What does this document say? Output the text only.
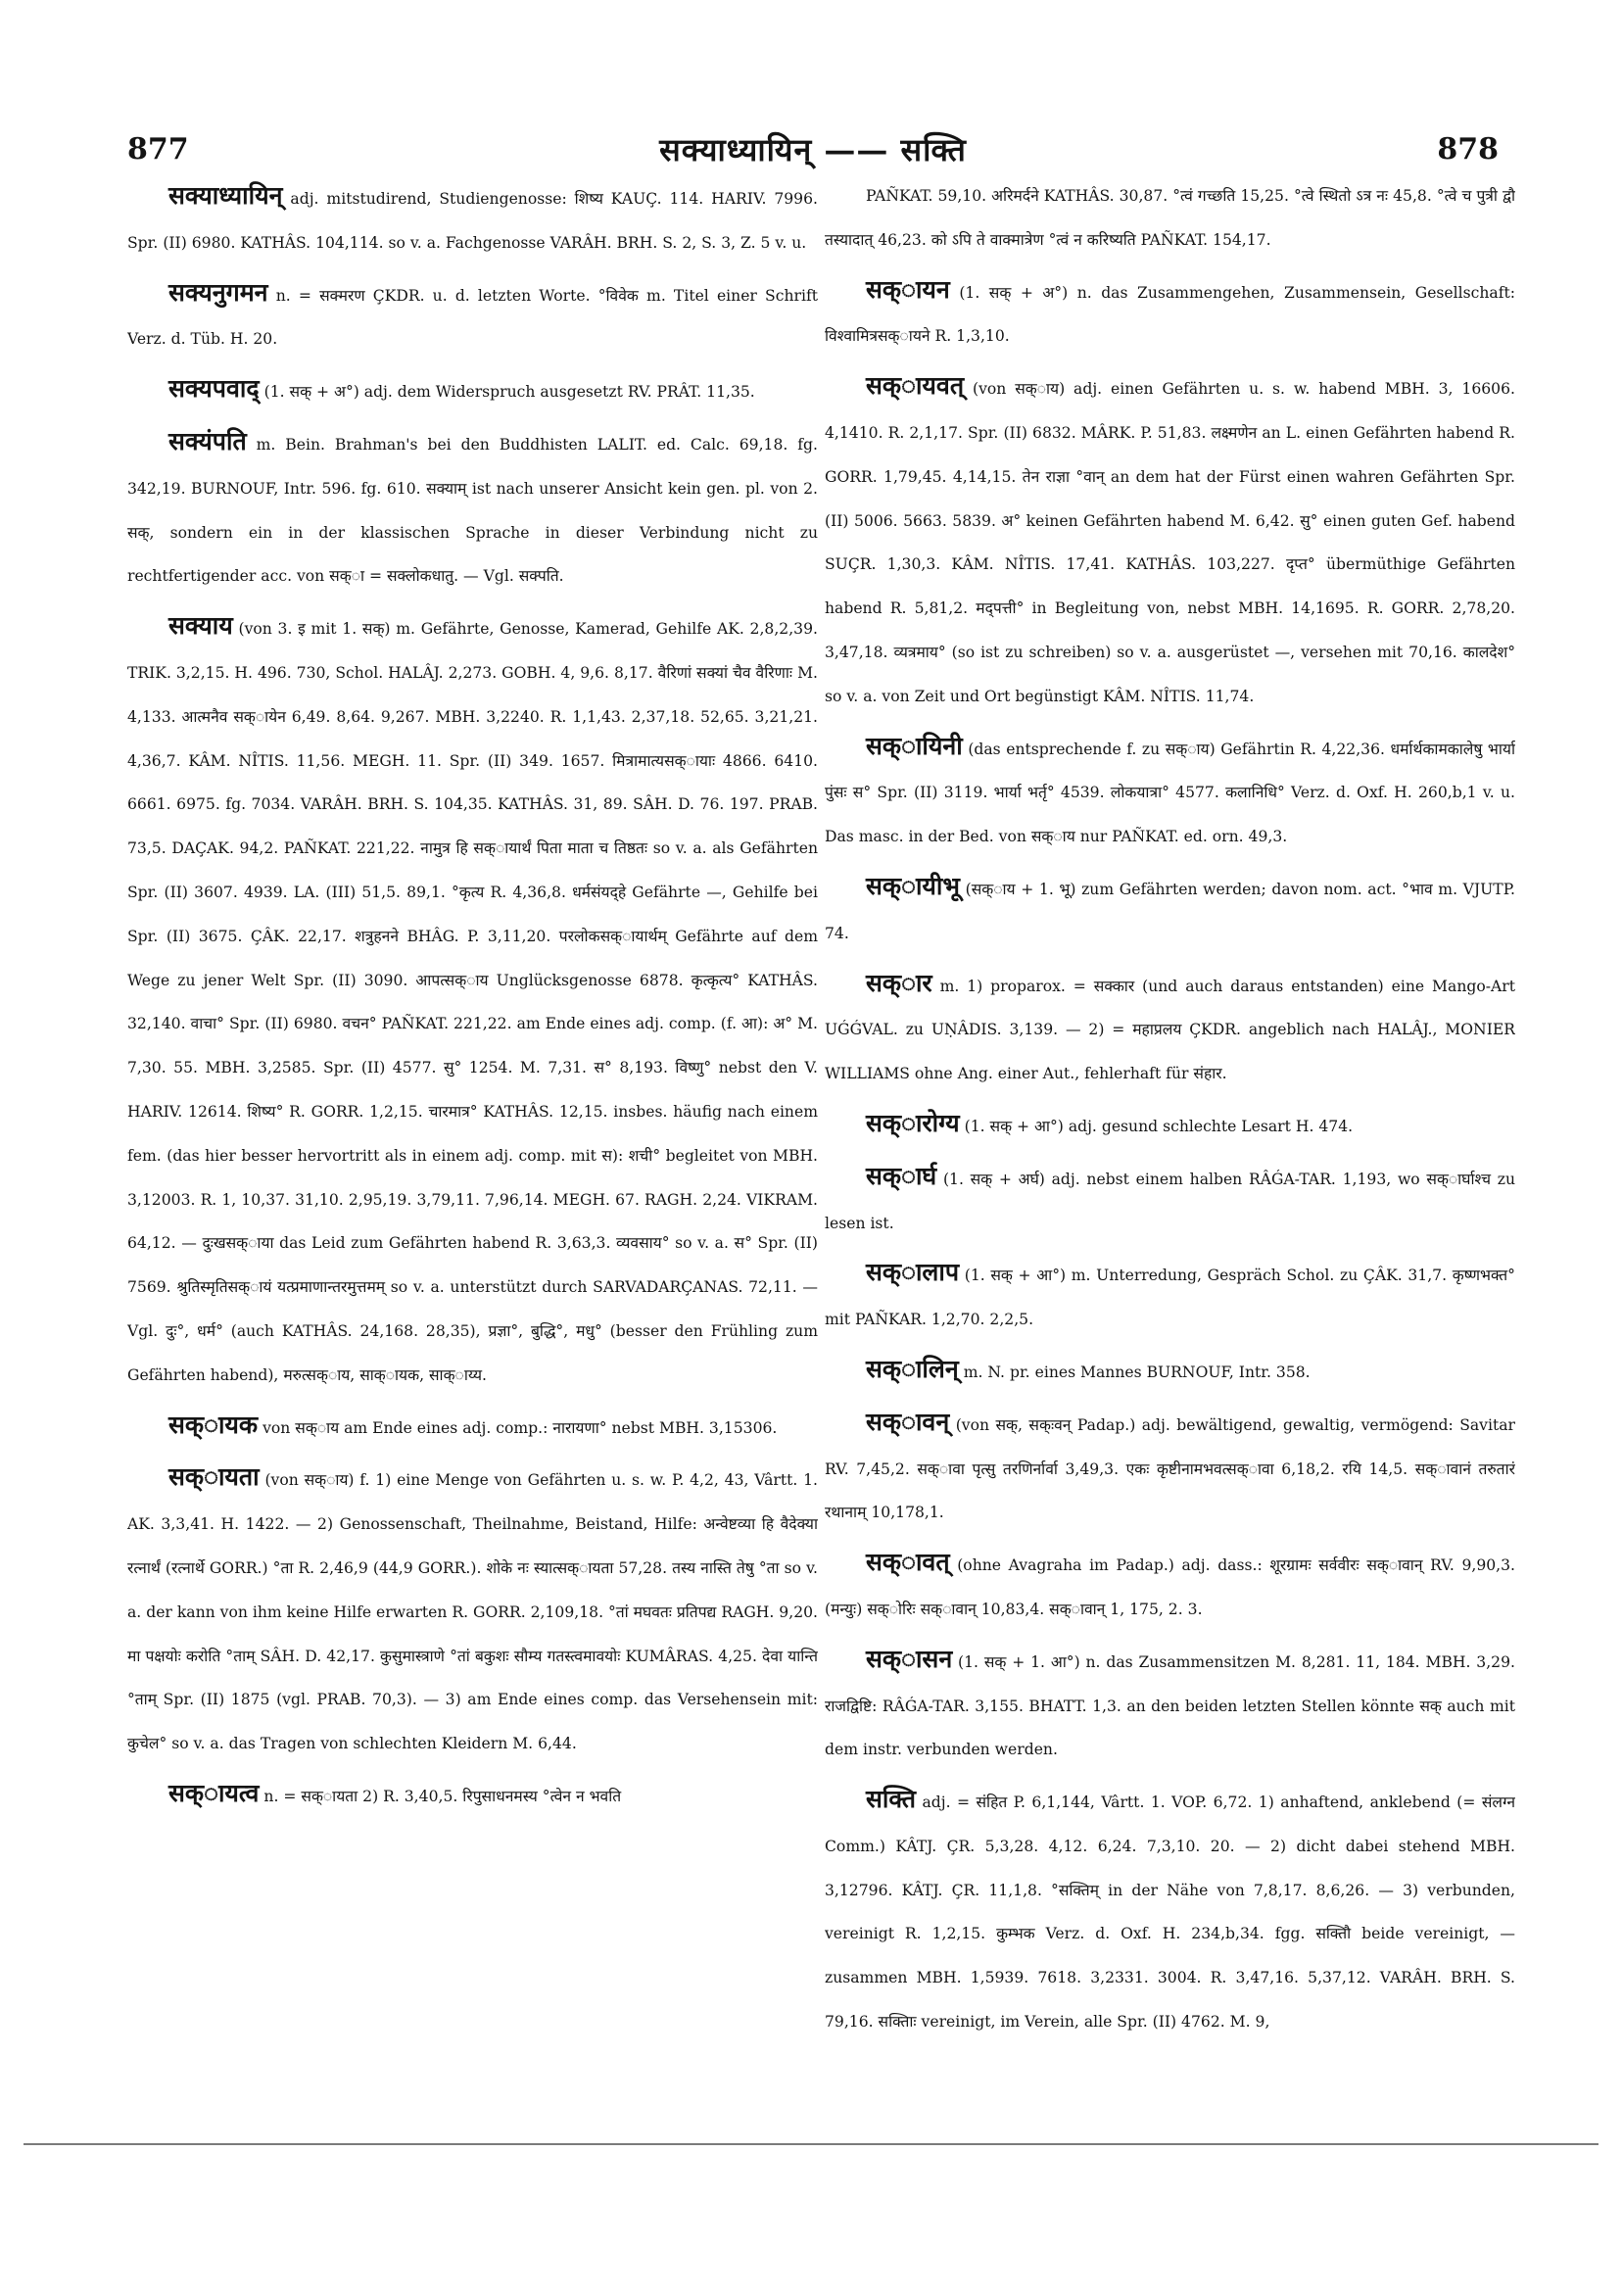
877	सक्याध्यायिन् —— सक्ति	878

सक्याध्यायिन् adj. mitstudirend, Studiengenosse: शिष्य KAUÇ. 114. HARIV. 7996. Spr. (II) 6980. KATHÂS. 104,114. so v. a. Fachgenosse VARÂH. BRH. S. 2, S. 3, Z. 5 v. u.

सक्यनुगमन n. = सक्मरण ÇKDR. u. d. letzten Worte. °विवेक m. Titel einer Schrift Verz. d. Tüb. H. 20.

सक्यपवाद् (1. सक् + अ°) adj. dem Widerspruch ausgesetzt RV. PRÂT. 11,35.

सक्यंपति m. Bein. Brahman's bei den Buddhisten LALIT. ed. Calc. 69,18. fg. 342,19. BURNOUF, Intr. 596. fg. 610. सक्याम् ist nach unserer Ansicht kein gen. pl. von 2. सक्, sondern ein in der klassischen Sprache in dieser Verbindung nicht zu rechtfertigender acc. von सक्ा = सक्लोकधातु. — Vgl. सक्पति.

सक्याय (von 3. इ mit 1. सक्) m. Gefährte, Genosse, Kamerad, Gehilfe AK. 2,8,2,39. TRIK. 3,2,15. H. 496. 730, Schol. HALÂJ. 2,273. GOBH. 4, 9,6. 8,17. वैरिणां सक्यां चैव वैरिणाः M. 4,133. आत्मनैव सक्ायेन 6,49. 8,64. 9,267. MBH. 3,2240. R. 1,1,43. 2,37,18. 52,65. 3,21,21. 4,36,7. KÂM. NÎTIS. 11,56. MEGH. 11. Spr. (II) 349. 1657. मित्रामात्यसक्ायाः 4866. 6410. 6661. 6975. fg. 7034. VARÂH. BRH. S. 104,35. KATHÂS. 31, 89. SÂH. D. 76. 197. PRAB. 73,5. DAÇAK. 94,2. PAÑKAT. 221,22. नामुत्र हि सक्ायार्थं पिता माता च तिष्ठतः so v. a. als Gefährten Spr. (II) 3607. 4939. LA. (III) 51,5. 89,1. °कृत्य R. 4,36,8. धर्मसंयद्हे Gefährte —, Gehilfe bei Spr. (II) 3675. ÇÂK. 22,17. शत्रुहनने BHÂG. P. 3,11,20. परलोकसक्ायार्थम् Gefährte auf dem Wege zu jener Welt Spr. (II) 3090. आपत्सक्ाय Unglücksgenosse 6878. कृत्कृत्य° KATHÂS. 32,140. वाचा° Spr. (II) 6980. वचन° PAÑKAT. 221,22. am Ende eines adj. comp. (f. आ): अ° M. 7,30. 55. MBH. 3,2585. Spr. (II) 4577. सु° 1254. M. 7,31. स° 8,193. विष्णु° nebst den V. HARIV. 12614. शिष्य° R. GORR. 1,2,15. चारमात्र° KATHÂS. 12,15. insbes. häufig nach einem fem. (das hier besser hervortritt als in einem adj. comp. mit स): शची° begleitet von MBH. 3,12003. R. 1, 10,37. 31,10. 2,95,19. 3,79,11. 7,96,14. MEGH. 67. RAGH. 2,24. VIKRAM. 64,12. — दुःखसक्ाया das Leid zum Gefährten habend R. 3,63,3. व्यवसाय° so v. a. स° Spr. (II) 7569. श्रुतिस्मृतिसक्ायं यत्प्रमाणान्तरमुत्तमम् so v. a. unterstützt durch SARVADARÇANAS. 72,11. — Vgl. दुः°, धर्म° (auch KATHÂS. 24,168. 28,35), प्रज्ञा°, बुद्धि°, मधु° (besser den Frühling zum Gefährten habend), मरुत्सक्ाय, साक्ायक, साक्ाय्य.

सक्ायक von सक्ाय am Ende eines adj. comp.: नारायणा° nebst MBH. 3,15306.

सक्ायता (von सक्ाय) f. 1) eine Menge von Gefährten u. s. w. P. 4,2, 43, Vârtt. 1. AK. 3,3,41. H. 1422. — 2) Genossenschaft, Theilnahme, Beistand, Hilfe: अन्वेष्टव्या हि वैदेक्या रत्नार्थं (रत्नार्थे GORR.) °ता R. 2,46,9 (44,9 GORR.). शोके नः स्यात्सक्ायता 57,28. तस्य नास्ति तेषु °ता so v. a. der kann von ihm keine Hilfe erwarten R. GORR. 2,109,18. °तां मघवतः प्रतिपद्य RAGH. 9,20. मा पक्षयोः करोति °ताम् SÂH. D. 42,17. कुसुमास्त्राणे °तां बकुशः सौम्य गतस्त्वमावयोः KUMÂRAS. 4,25. देवा यान्ति °ताम् Spr. (II) 1875 (vgl. PRAB. 70,3). — 3) am Ende eines comp. das Versehensein mit: कुचेल° so v. a. das Tragen von schlechten Kleidern M. 6,44.

सक्ायत्व n. = सक्ायता 2) R. 3,40,5. रिपुसाधनमस्य °त्वेन न भवति

PAÑKAT. 59,10. अरिमर्दने KATHÂS. 30,87. °त्वं गच्छति 15,25. °त्वे स्थितो ऽत्र नः 45,8. °त्वे च पुत्री द्वौ तस्यादात् 46,23. को ऽपि ते वाक्मात्रेण °त्वं न करिष्यति PAÑKAT. 154,17.

सक्ायन (1. सक् + अ°) n. das Zusammengehen, Zusammensein, Gesellschaft: विश्वामित्रसक्ायने R. 1,3,10.

सक्ायवत् (von सक्ाय) adj. einen Gefährten u. s. w. habend MBH. 3, 16606. 4,1410. R. 2,1,17. Spr. (II) 6832. MÂRK. P. 51,83. लक्ष्मणेन an L. einen Gefährten habend R. GORR. 1,79,45. 4,14,15. तेन राज्ञा °वान् an dem hat der Fürst einen wahren Gefährten Spr. (II) 5006. 5663. 5839. अ° keinen Gefährten habend M. 6,42. सु° einen guten Gef. habend SUÇR. 1,30,3. KÂM. NÎTIS. 17,41. KATHÂS. 103,227. दृप्त° übermüthige Gefährten habend R. 5,81,2. मद्पत्ती° in Begleitung von, nebst MBH. 14,1695. R. GORR. 2,78,20. 3,47,18. व्यत्रमाय° (so ist zu schreiben) so v. a. ausgerüstet —, versehen mit 70,16. कालदेश° so v. a. von Zeit und Ort begünstigt KÂM. NÎTIS. 11,74.

सक्ायिनी (das entsprechende f. zu सक्ाय) Gefährtin R. 4,22,36. धर्मार्थकामकालेषु भार्या पुंसः स° Spr. (II) 3119. भार्या भर्तृ° 4539. लोकयात्रा° 4577. कलानिधि° Verz. d. Oxf. H. 260,b,1 v. u. Das masc. in der Bed. von सक्ाय nur PAÑKAT. ed. orn. 49,3.

सक्ायीभू (सक्ाय + 1. भू) zum Gefährten werden; davon nom. act. °भाव m. VJUTP. 74.

सक्ार m. 1) proparox. = सक्कार (und auch daraus entstanden) eine Mango-Art UǴǴVAL. zu UṆÂDIS. 3,139. — 2) = महाप्रलय ÇKDR. angeblich nach HALÂJ., MONIER WILLIAMS ohne Ang. einer Aut., fehlerhaft für संहार.

सक्ारोग्य (1. सक् + आ°) adj. gesund schlechte Lesart H. 474.

सक्ार्घ (1. सक् + अर्घ) adj. nebst einem halben RÂǴA-TAR. 1,193, wo सक्ार्घाश्च zu lesen ist.

सक्ालाप (1. सक् + आ°) m. Unterredung, Gespräch Schol. zu ÇÂK. 31,7. कृष्णभक्त° mit PAÑKAR. 1,2,70. 2,2,5.

सक्ालिन् m. N. pr. eines Mannes BURNOUF, Intr. 358.

सक्ावन् (von सक्, सक्ःवन् Padap.) adj. bewältigend, gewaltig, vermögend: Savitar RV. 7,45,2. सक्ावा पृत्सु तरणिर्नार्वा 3,49,3. एकः कृष्टीनामभवत्सक्ावा 6,18,2. रयि 14,5. सक्ावानं तरुतारं रथानाम् 10,178,1.

सक्ावत् (ohne Avagraha im Padap.) adj. dass.: शूरग्रामः सर्ववीरः सक्ावान् RV. 9,90,3. (मन्युः) सक्ोरिः सक्ावान् 10,83,4. सक्ावान् 1, 175, 2. 3.

सक्ासन (1. सक् + 1. आ°) n. das Zusammensitzen M. 8,281. 11, 184. MBH. 3,29. राजद्विष्टि: RÂǴA-TAR. 3,155. BHATT. 1,3. an den beiden letzten Stellen könnte सक् auch mit dem instr. verbunden werden.

सक्ति adj. = संहित P. 6,1,144, Vârtt. 1. VOP. 6,72. 1) anhaftend, anklebend (= संलग्न Comm.) KÂTJ. ÇR. 5,3,28. 4,12. 6,24. 7,3,10. 20. — 2) dicht dabei stehend MBH. 3,12796. KÂTJ. ÇR. 11,1,8. °सक्तिम् in der Nähe von 7,8,17. 8,6,26. — 3) verbunden, vereinigt R. 1,2,15. कुम्भक Verz. d. Oxf. H. 234,b,34. fgg. सक्तिौ beide vereinigt, — zusammen MBH. 1,5939. 7618. 3,2331. 3004. R. 3,47,16. 5,37,12. VARÂH. BRH. S. 79,16. सक्तिाः vereinigt, im Verein, alle Spr. (II) 4762. M. 9,
